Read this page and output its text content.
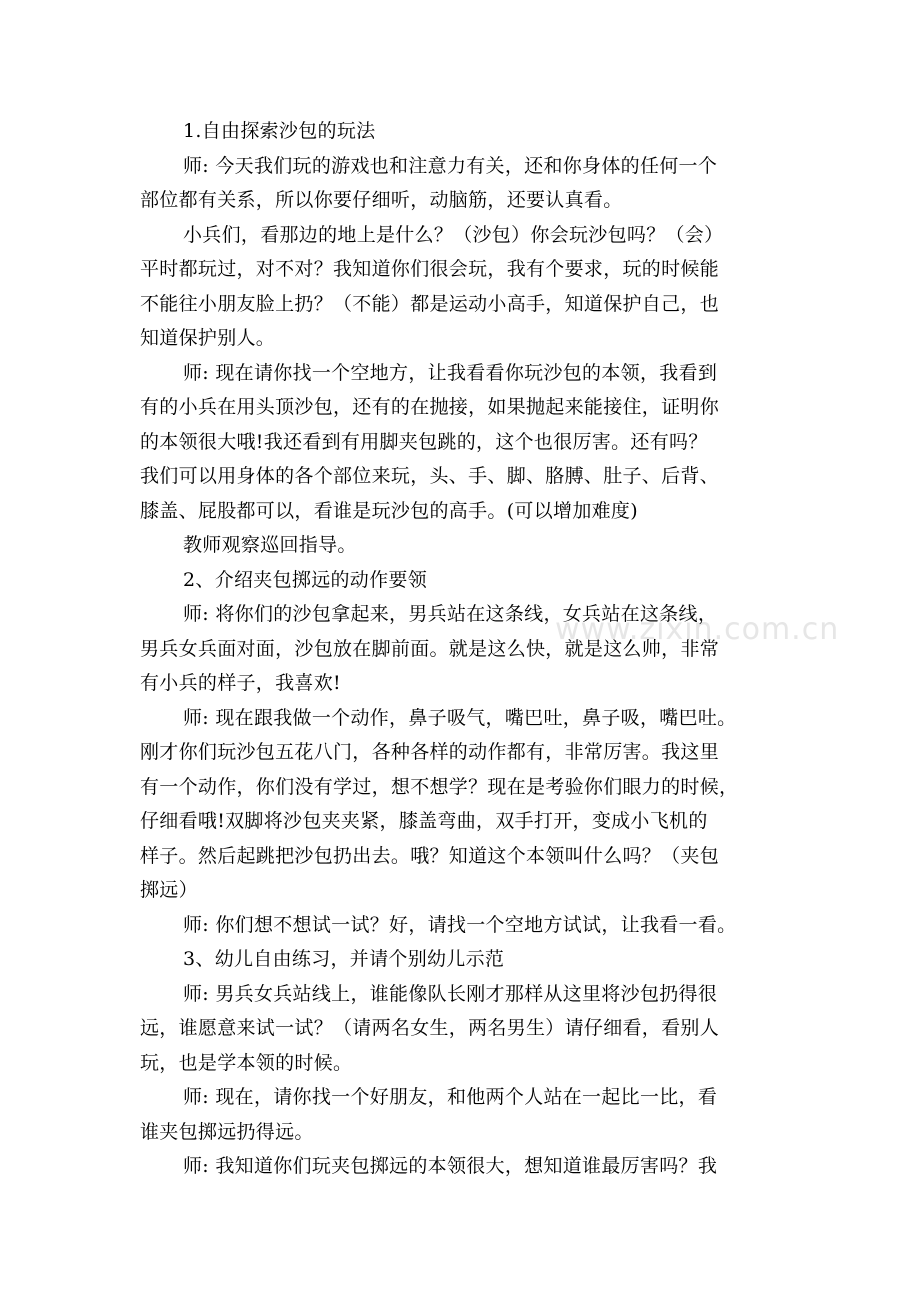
www.zixin.com.cn
1.自由探索沙包的玩法
师: 今天我们玩的游戏也和注意力有关，还和你身体的任何一个
部位都有关系，所以你要仔细听，动脑筋，还要认真看。
小兵们，看那边的地上是什么？（沙包）你会玩沙包吗？（会）
平时都玩过，对不对？我知道你们很会玩，我有个要求，玩的时候能
不能往小朋友脸上扔？（不能）都是运动小高手，知道保护自己，也
知道保护别人。
师: 现在请你找一个空地方，让我看看你玩沙包的本领，我看到
有的小兵在用头顶沙包，还有的在抛接，如果抛起来能接住，证明你
的本领很大哦!我还看到有用脚夹包跳的，这个也很厉害。还有吗？
我们可以用身体的各个部位来玩，头、手、脚、胳膊、肚子、后背、
膝盖、屁股都可以，看谁是玩沙包的高手。(可以增加难度)
教师观察巡回指导。
2、介绍夹包掷远的动作要领
师: 将你们的沙包拿起来，男兵站在这条线，女兵站在这条线，
男兵女兵面对面，沙包放在脚前面。就是这么快，就是这么帅，非常
有小兵的样子，我喜欢!
师: 现在跟我做一个动作，鼻子吸气，嘴巴吐，鼻子吸，嘴巴吐。
刚才你们玩沙包五花八门，各种各样的动作都有，非常厉害。我这里
有一个动作，你们没有学过，想不想学？现在是考验你们眼力的时候，
仔细看哦!双脚将沙包夹夹紧，膝盖弯曲，双手打开，变成小飞机的
样子。然后起跳把沙包扔出去。哦？知道这个本领叫什么吗？（夹包
掷远）
师: 你们想不想试一试？好，请找一个空地方试试，让我看一看。
3、幼儿自由练习，并请个别幼儿示范
师: 男兵女兵站线上，谁能像队长刚才那样从这里将沙包扔得很
远，谁愿意来试一试？（请两名女生，两名男生）请仔细看，看别人
玩，也是学本领的时候。
师: 现在，请你找一个好朋友，和他两个人站在一起比一比，看
谁夹包掷远扔得远。
师: 我知道你们玩夹包掷远的本领很大，想知道谁最厉害吗？我
